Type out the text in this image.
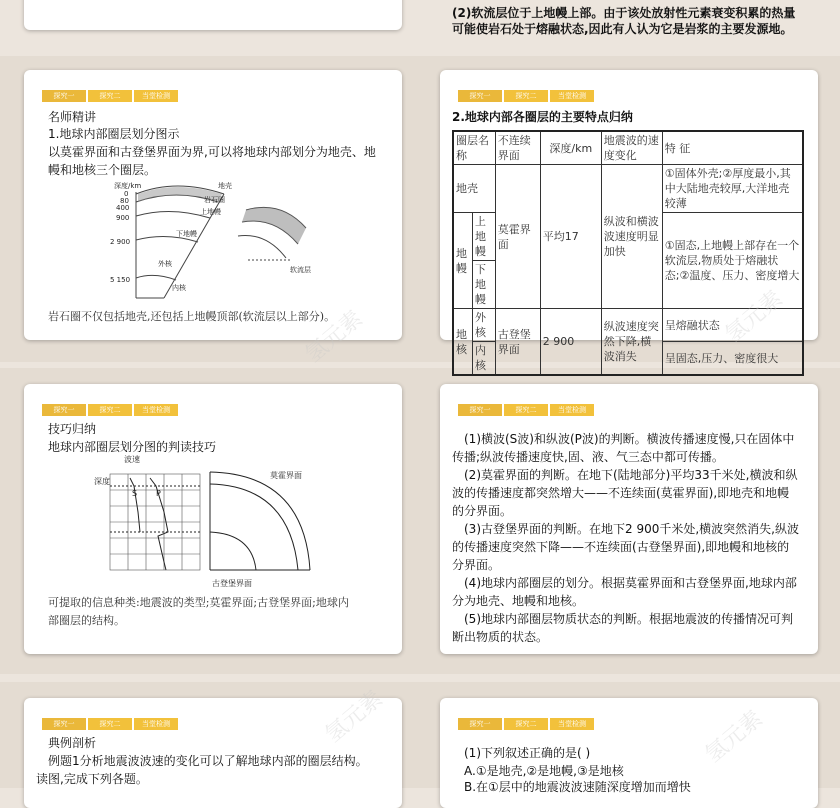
(2)软流层位于上地幔上部。由于该处放射性元素衰变积累的热量
可能使岩石处于熔融状态,因此有人认为它是岩浆的主要发源地。
探究一	探究二	当堂检测
名师精讲
1.地球内部圈层划分图示
以莫霍界面和古登堡界面为界,可以将地球内部划分为地壳、地
幔和地核三个圈层。
深度/km
0
80
400
900
2 900
5 150
地壳
岩石圈
上地幔
下地幔
外核
内核
软流层
岩石圈不仅包括地壳,还包括上地幔顶部(软流层以上部分)。
探究一	探究二	当堂检测
2.地球内部各圈层的主要特点归纳
圈层名称		不连续界面	深度/km	地震波的速度变化	特 征
地壳		莫霍界面	平均17	纵波和横波波速度明显加快	①固体外壳;②厚度最小,其中大陆地壳较厚,大洋地壳较薄
地幔	上地幔				①固态,上地幔上部存在一个软流层,物质处于熔融状态;②温度、压力、密度增大
	下地幔				
地核	外核	古登堡界面	2 900	纵波速度突然下降,横波消失	呈熔融状态
	内核				呈固态,压力、密度很大
探究一	探究二	当堂检测
技巧归纳
地球内部圈层划分图的判读技巧
波速
深度
S P
莫霍界面
古登堡界面
可提取的信息种类:地震波的类型;莫霍界面;古登堡界面;地球内
部圈层的结构。
探究一	探究二	当堂检测
(1)横波(S波)和纵波(P波)的判断。横波传播速度慢,只在固体中
传播;纵波传播速度快,固、液、气三态中都可传播。
(2)莫霍界面的判断。在地下(陆地部分)平均33千米处,横波和纵
波的传播速度都突然增大——不连续面(莫霍界面),即地壳和地幔
的分界面。
(3)古登堡界面的判断。在地下2 900千米处,横波突然消失,纵波
的传播速度突然下降——不连续面(古登堡界面),即地幔和地核的
分界面。
(4)地球内部圈层的划分。根据莫霍界面和古登堡界面,地球内部
分为地壳、地幔和地核。
(5)地球内部圈层物质状态的判断。根据地震波的传播情况可判
断出物质的状态。
探究一	探究二	当堂检测
典例剖析
例题1分析地震波波速的变化可以了解地球内部的圈层结构。
读图,完成下列各题。
探究一	探究二	当堂检测
(1)下列叙述正确的是( )
A.①是地壳,②是地幔,③是地核
B.在①层中的地震波波速随深度增加而增快
氢元素	氢元素
氢元素	氢元素
